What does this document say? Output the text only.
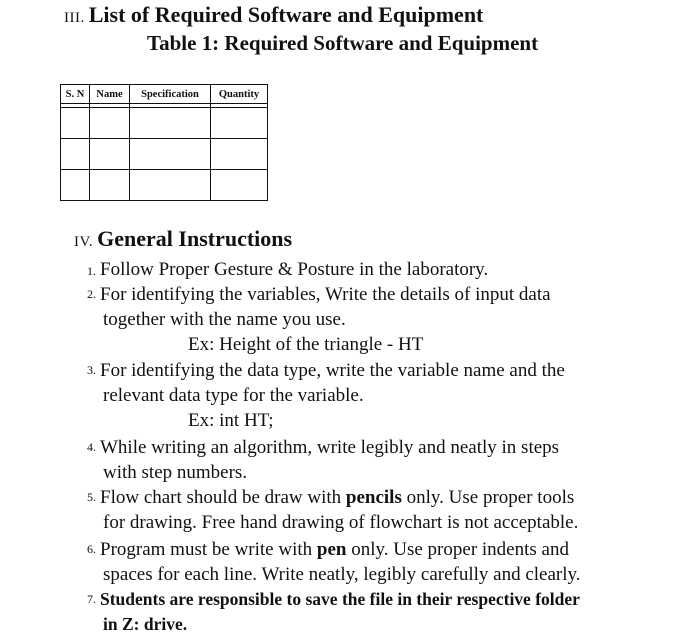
III. List of Required Software and Equipment
Table 1: Required Software and Equipment
S. N	Name	Specification	Quantity

IV. General Instructions
1. Follow Proper Gesture & Posture in the laboratory.
2. For identifying the variables, Write the details of input data
together with the name you use.
Ex: Height of the triangle - HT
3. For identifying the data type, write the variable name and the
relevant data type for the variable.
Ex: int HT;
4. While writing an algorithm, write legibly and neatly in steps
with step numbers.
5. Flow chart should be draw with pencils only. Use proper tools
for drawing. Free hand drawing of flowchart is not acceptable.
6. Program must be write with pen only. Use proper indents and
spaces for each line. Write neatly, legibly carefully and clearly.
7. Students are responsible to save the file in their respective folder
in Z: drive.
